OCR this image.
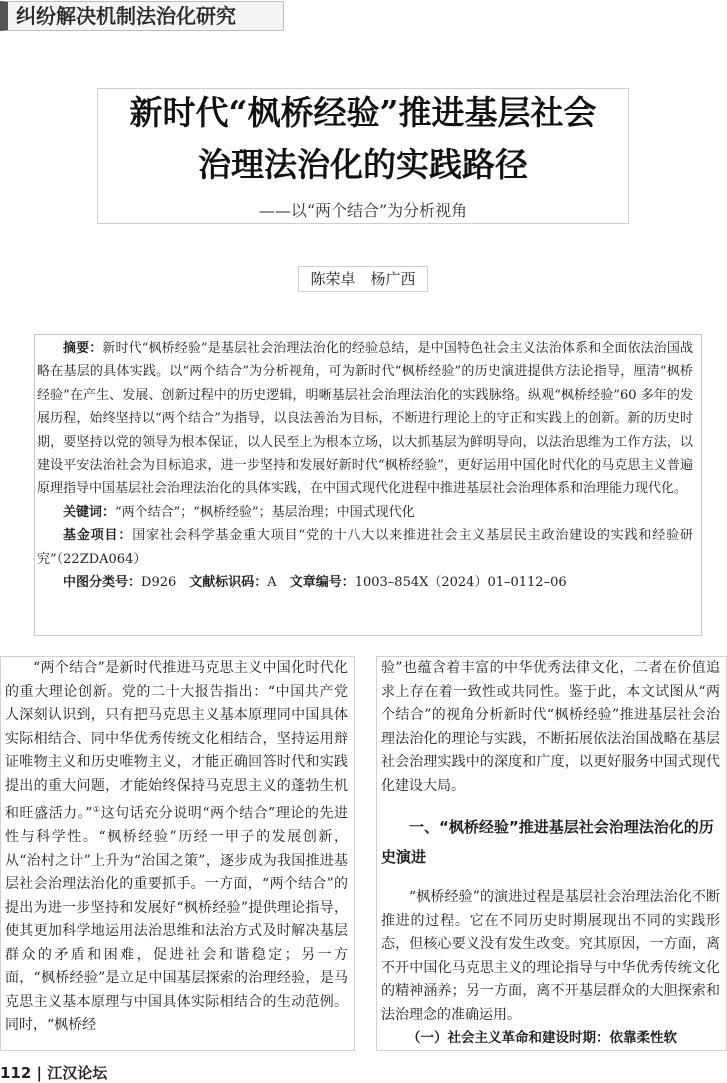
纠纷解决机制法治化研究
新时代“枫桥经验”推进基层社会
治理法治化的实践路径
——以“两个结合”为分析视角
陈荣卓　杨广西

摘要：新时代“枫桥经验”是基层社会治理法治化的经验总结，是中国特色社会主义法治体系和全面依法治国战略在基层的具体实践。以“两个结合”为分析视角，可为新时代“枫桥经验”的历史演进提供方法论指导，厘清“枫桥经验”在产生、发展、创新过程中的历史逻辑，明晰基层社会治理法治化的实践脉络。纵观“枫桥经验”60 多年的发展历程，始终坚持以“两个结合”为指导，以良法善治为目标，不断进行理论上的守正和实践上的创新。新的历史时期，要坚持以党的领导为根本保证，以人民至上为根本立场，以大抓基层为鲜明导向，以法治思维为工作方法，以建设平安法治社会为目标追求，进一步坚持和发展好新时代“枫桥经验”，更好运用中国化时代化的马克思主义普遍原理指导中国基层社会治理法治化的具体实践，在中国式现代化进程中推进基层社会治理体系和治理能力现代化。

关键词：“两个结合”；“枫桥经验”；基层治理；中国式现代化

基金项目：国家社会科学基金重大项目“党的十八大以来推进社会主义基层民主政治建设的实践和经验研究”（22ZDA064）

中图分类号：D926　 文献标识码：A　 文章编号：1003–854X（2024）01–0112–06

“两个结合”是新时代推进马克思主义中国化时代化的重大理论创新。党的二十大报告指出：“中国共产党人深刻认识到，只有把马克思主义基本原理同中国具体实际相结合、同中华优秀传统文化相结合，坚持运用辩证唯物主义和历史唯物主义，才能正确回答时代和实践提出的重大问题，才能始终保持马克思主义的蓬勃生机和旺盛活力。”①这句话充分说明“两个结合”理论的先进性与科学性。“枫桥经验”历经一甲子的发展创新，从“治村之计”上升为“治国之策”，逐步成为我国推进基层社会治理法治化的重要抓手。一方面，“两个结合”的提出为进一步坚持和发展好“枫桥经验”提供理论指导，使其更加科学地运用法治思维和法治方式及时解决基层群众的矛盾和困难，促进社会和谐稳定；另一方面，“枫桥经验”是立足中国基层探索的治理经验，是马克思主义基本原理与中国具体实际相结合的生动范例。同时，“枫桥经

验”也蕴含着丰富的中华优秀法律文化，二者在价值追求上存在着一致性或共同性。鉴于此，本文试图从“两个结合”的视角分析新时代“枫桥经验”推进基层社会治理法治化的理论与实践，不断拓展依法治国战略在基层社会治理实践中的深度和广度，以更好服务中国式现代化建设大局。

一、“枫桥经验”推进基层社会治理法治化的历史演进

“枫桥经验”的演进过程是基层社会治理法治化不断推进的过程。它在不同历史时期展现出不同的实践形态，但核心要义没有发生改变。究其原因，一方面，离不开中国化马克思主义的理论指导与中华优秀传统文化的精神涵养；另一方面，离不开基层群众的大胆探索和法治理念的准确运用。

（一）社会主义革命和建设时期：依靠柔性软

112 | 江汉论坛
